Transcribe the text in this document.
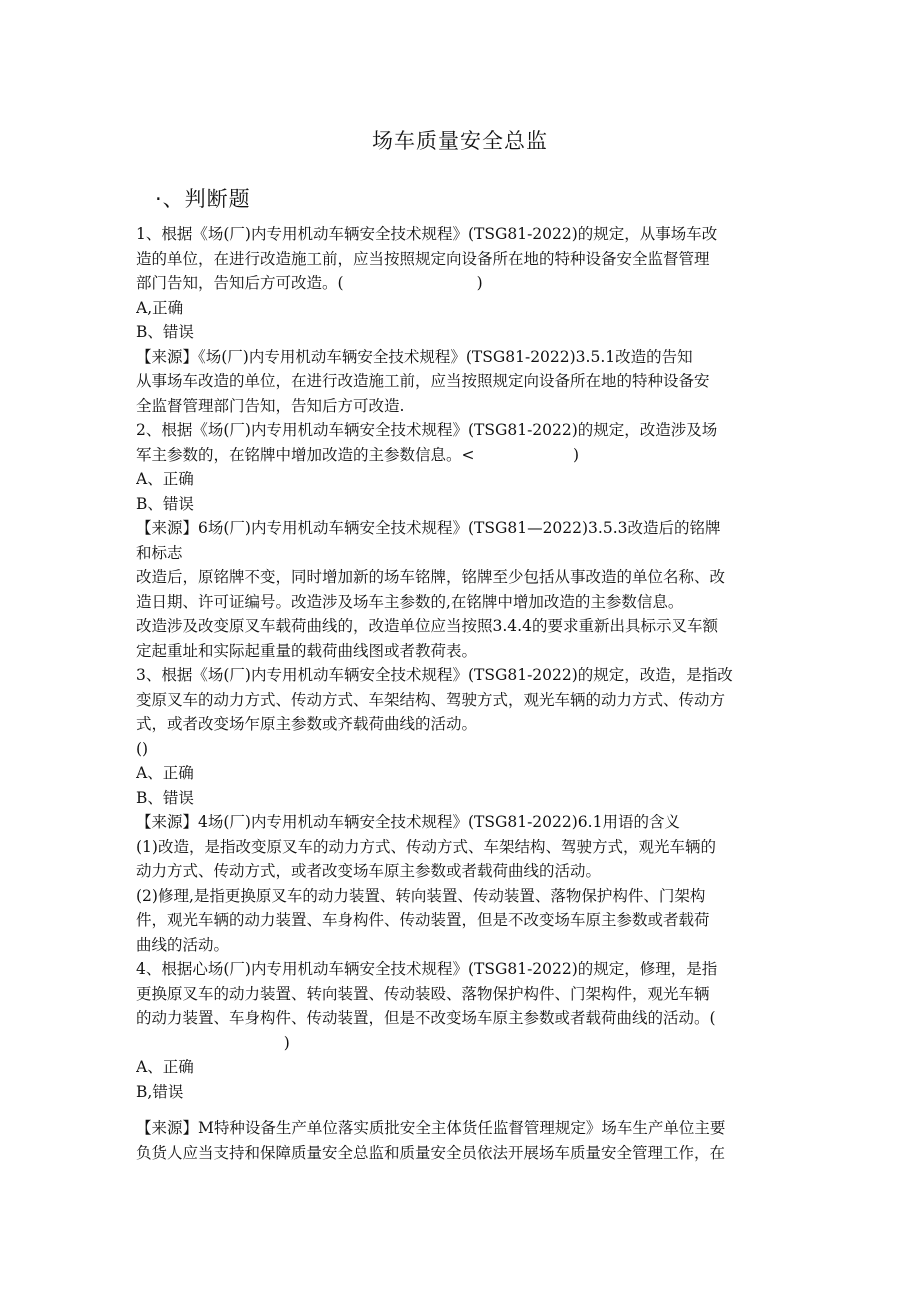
场车质量安全总监
·、判断题
1、根据《场(厂)内专用机动车辆安全技术规程》(TSG81-2022)的规定，从事场车改
造的单位，在进行改造施工前，应当按照规定向设备所在地的特种设备安全监督管理
部门告知，告知后方可改造。(                           )
A,正确
B、错误
【来源】《场(厂)内专用机动车辆安全技术规程》(TSG81-2022)3.5.1改造的告知
从事场车改造的单位，在进行改造施工前，应当按照规定向设备所在地的特种设备安
全监督管理部门告知，告知后方可改造.
2、根据《场(厂)内专用机动车辆安全技术规程》(TSG81-2022)的规定，改造涉及场
军主参数的，在铭牌中增加改造的主参数信息。<                    )
A、正确
B、错误
【来源】6场(厂)内专用机动车辆安全技术规程》(TSG81—2022)3.5.3改造后的铭牌
和标志
改造后，原铭牌不变，同时增加新的场车铭牌，铭牌至少包括从事改造的单位名称、改
造日期、许可证编号。改造涉及场车主参数的,在铭牌中增加改造的主参数信息。
改造涉及改变原叉车载荷曲线的，改造单位应当按照3.4.4的要求重新出具标示叉车额
定起重址和实际起重量的载荷曲线图或者教荷表。
3、根据《场(厂)内专用机动车辆安全技术规程》(TSG81-2022)的规定，改造，是指改
变原叉车的动力方式、传动方式、车架结构、驾驶方式，观光车辆的动力方式、传动方
式，或者改变场乍原主参数或齐载荷曲线的活动。
()
A、正确
B、错误
【来源】4场(厂)内专用机动车辆安全技术规程》(TSG81-2022)6.1用语的含义
(1)改造，是指改变原叉车的动力方式、传动方式、车架结构、驾驶方式，观光车辆的
动力方式、传动方式，或者改变场车原主参数或者载荷曲线的活动。
(2)修理,是指更换原叉车的动力装置、转向装置、传动装置、落物保护构件、门架构
件，观光车辆的动力装置、车身构件、传动装置，但是不改变场车原主参数或者载荷
曲线的活动。
4、根据心场(厂)内专用机动车辆安全技术规程》(TSG81-2022)的规定，修理，是指
更换原叉车的动力装置、转向装置、传动装殴、落物保护构件、门架构件，观光车辆
的动力装置、车身构件、传动装置，但是不改变场车原主参数或者载荷曲线的活动。(
)
A、正确
B,错误
【来源】M特种设备生产单位落实质批安全主体货任监督管理规定》场车生产单位主要
负货人应当支持和保障质量安全总监和质量安全员依法开展场车质量安全管理工作，在
